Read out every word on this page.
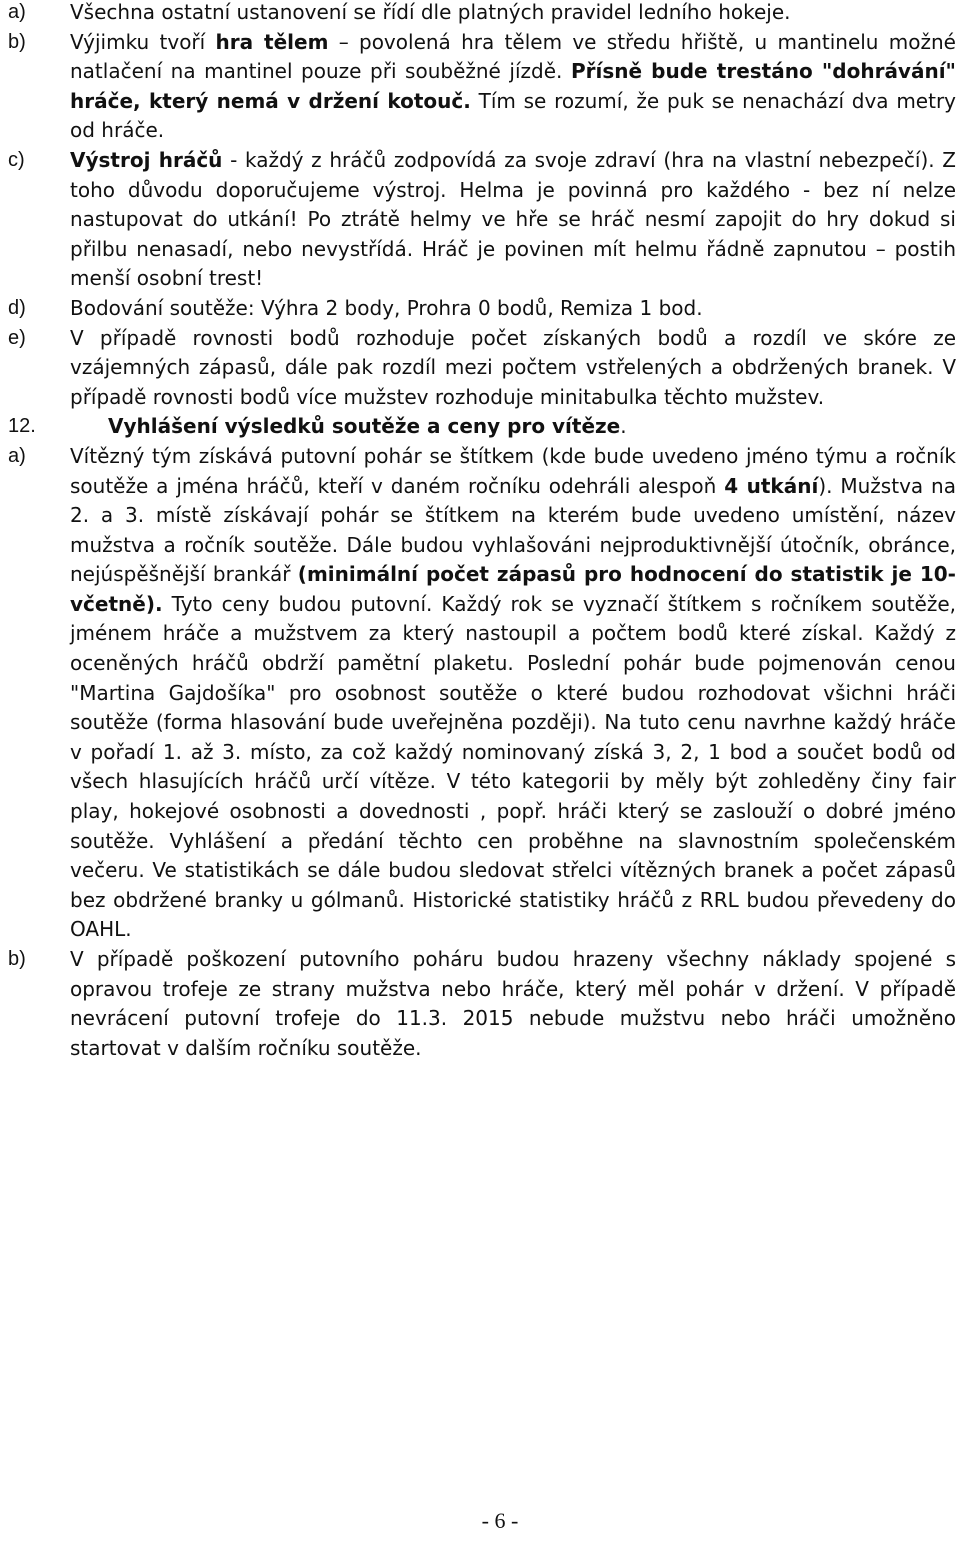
a)	Všechna ostatní ustanovení se řídí dle platných pravidel ledního hokeje.
b)	Výjimku tvoří hra tělem – povolená hra tělem ve středu hřiště, u mantinelu možné natlačení na mantinel pouze při souběžné jízdě. Přísně bude trestáno "dohrávání" hráče, který nemá v držení kotouč. Tím se rozumí, že puk se nenachází dva metry od hráče.
c)	Výstroj hráčů - každý z hráčů zodpovídá za svoje zdraví (hra na vlastní nebezpečí). Z toho důvodu doporučujeme výstroj. Helma je povinná pro každého - bez ní nelze nastupovat do utkání! Po ztrátě helmy ve hře se hráč nesmí zapojit do hry dokud si přilbu nenasadí, nebo nevystřídá. Hráč je povinen mít helmu řádně zapnutou – postih menší osobní trest!
d)	Bodování soutěže: Výhra 2 body, Prohra 0 bodů, Remiza 1 bod.
e)	V případě rovnosti bodů rozhoduje počet získaných bodů a rozdíl ve skóre ze vzájemných zápasů, dále pak rozdíl mezi počtem vstřelených a obdržených branek. V případě rovnosti bodů více mužstev rozhoduje minitabulka těchto mužstev.
12.	Vyhlášení výsledků soutěže a ceny pro vítěze.
a)	Vítězný tým získává putovní pohár se štítkem (kde bude uvedeno jméno týmu a ročník soutěže a jména hráčů, kteří v daném ročníku odehráli alespoň 4 utkání). Mužstva na 2. a 3. místě získávají pohár se štítkem na kterém bude uvedeno umístění, název mužstva a ročník soutěže. Dále budou vyhlašováni nejproduktivnější útočník, obránce, nejúspěšnější brankář (minimální počet zápasů pro hodnocení do statistik je 10-včetně). Tyto ceny budou putovní. Každý rok se vyznačí štítkem s ročníkem soutěže, jménem hráče a mužstvem za který nastoupil a počtem bodů které získal. Každý z oceněných hráčů obdrží pamětní plaketu. Poslední pohár bude pojmenován cenou "Martina Gajdošíka" pro osobnost soutěže o které budou rozhodovat všichni hráči soutěže (forma hlasování bude uveřejněna později). Na tuto cenu navrhne každý hráče v pořadí 1. až 3. místo, za což každý nominovaný získá 3, 2, 1 bod a součet bodů od všech hlasujících hráčů určí vítěze. V této kategorii by měly být zohleděny činy fair play, hokejové osobnosti a dovednosti , popř. hráči který se zaslouží o dobré jméno soutěže. Vyhlášení a předání těchto cen proběhne na slavnostním společenském večeru. Ve statistikách se dále budou sledovat střelci vítězných branek a počet zápasů bez obdržené branky u gólmanů. Historické statistiky hráčů z RRL budou převedeny do OAHL.
b)	V případě poškození putovního poháru budou hrazeny všechny náklady spojené s opravou trofeje ze strany mužstva nebo hráče, který měl pohár v držení. V případě nevrácení putovní trofeje do 11.3. 2015 nebude mužstvu nebo hráči umožněno startovat v dalším ročníku soutěže.
- 6 -
